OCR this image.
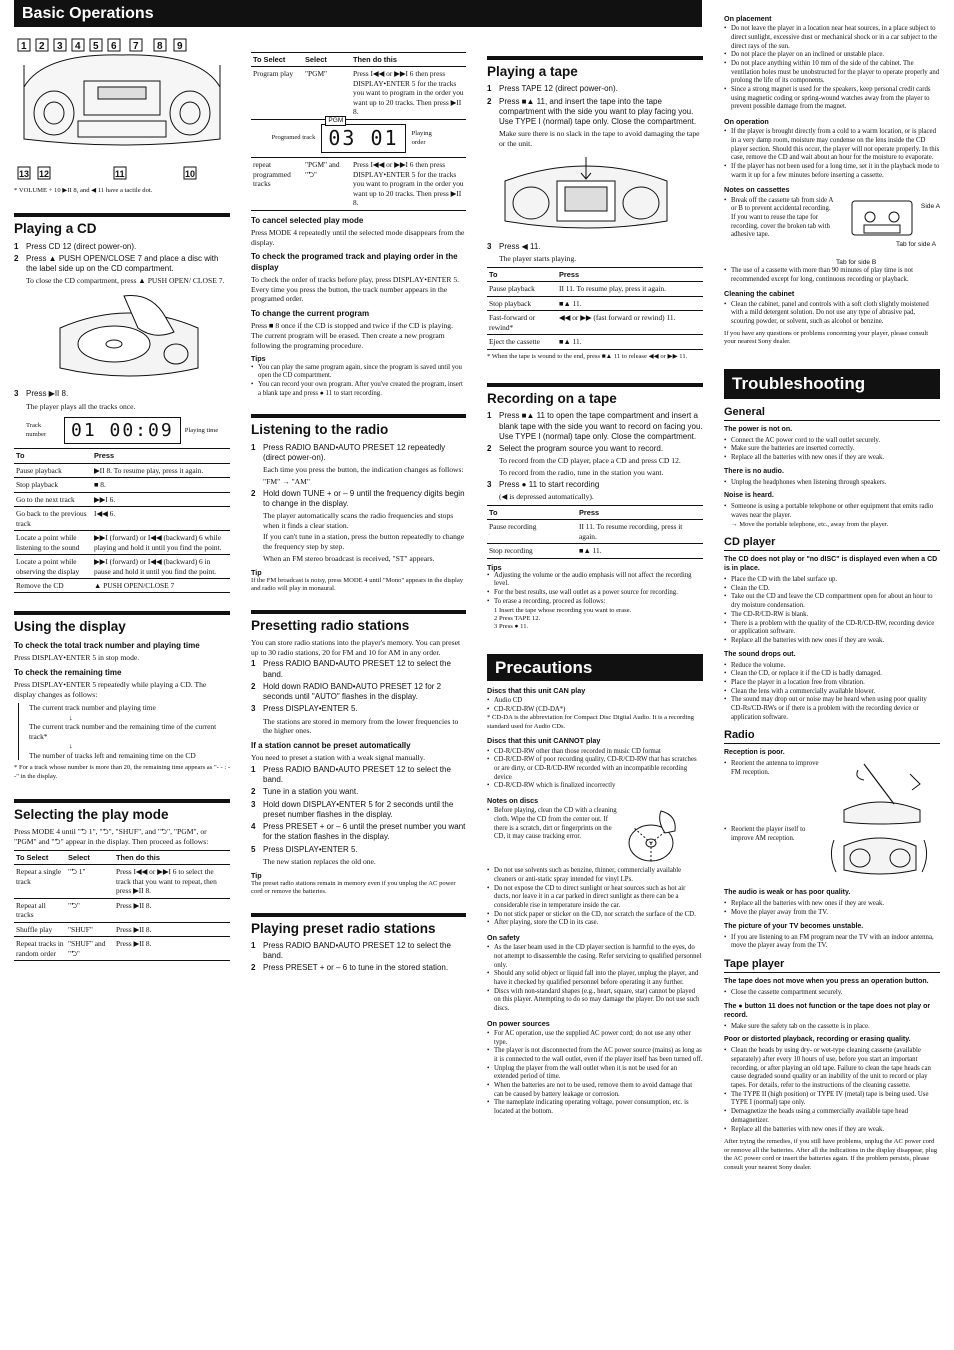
Basic Operations
1 2 3 4 5 6 7 8 9
13 12	11	10
* VOLUME + 10 ▶II 8, and ◀ 11 have a tactile dot.
Playing a CD
1 Press CD 12 (direct power-on).
2 Press ▲ PUSH OPEN/CLOSE 7 and place a disc with the label side up on the CD compartment.
To close the CD compartment, press ▲ PUSH OPEN/ CLOSE 7.
3 Press ▶II 8.
The player plays all the tracks once.
Track number	01 00:09	Playing time
To	Press
Pause playback	▶II 8. To resume play, press it again.
Stop playback	■ 8.
Go to the next track	▶▶I 6.
Go back to the previous track	I◀◀ 6.
Locate a point while listening to the sound	▶▶I (forward) or I◀◀ (backward) 6 while playing and hold it until you find the point.
Locate a point while observing the display	▶▶I (forward) or I◀◀ (backward) 6 in pause and hold it until you find the point.
Remove the CD	▲ PUSH OPEN/CLOSE 7
Using the display
To check the total track number and playing time

Press DISPLAY•ENTER 5 in stop mode.

To check the remaining time

Press DISPLAY•ENTER 5 repeatedly while playing a CD. The display changes as follows:

The current track number and playing time
↓
The current track number and the remaining time of the current track*
↓
The number of tracks left and remaining time on the CD
* For a track whose number is more than 20, the remaining time appears as "- - : - -" in the display.
Selecting the play mode

Press MODE 4 until "⮌ 1", "⮌", "SHUF", and "⮌", "PGM", or "PGM" and "⮌" appear in the display. Then proceed as follows:

To Select	Select	Then do this
Repeat a single track	"⮌ 1"	Press I◀◀ or ▶▶I 6 to select the track that you want to repeat, then press ▶II 8.
Repeat all tracks	"⮌"	Press ▶II 8.
Shuffle play	"SHUF"	Press ▶II 8.
Repeat tracks in random order	"SHUF" and "⮌"	Press ▶II 8.
To Select	Select	Then do this
Program play	"PGM"	Press I◀◀ or ▶▶I 6 then press DISPLAY•ENTER 5 for the tracks you want to program in the order you want up to 20 tracks. Then press ▶II 8.

Programed track
PGM
03 01 Playing order		

repeat programmed tracks	"PGM" and "⮌"	Press I◀◀ or ▶▶I 6 then press DISPLAY•ENTER 5 for the tracks you want to program in the order you want up to 20 tracks. Then press ▶II 8.
To cancel selected play mode

Press MODE 4 repeatedly until the selected mode disappears from the display.

To check the programed track and playing order in the display

To check the order of tracks before play, press DISPLAY•ENTER 5. Every time you press the button, the track number appears in the programed order.

To change the current program

Press ■ 8 once if the CD is stopped and twice if the CD is playing. The current program will be erased. Then create a new program following the programing procedure.

Tips
• You can play the same program again, since the program is saved until you open the CD compartment.
• You can record your own program. After you've created the program, insert a blank tape and press ● 11 to start recording.
Listening to the radio
1 Press RADIO BAND•AUTO PRESET 12 repeatedly (direct power-on).
Each time you press the button, the indication changes as follows:
"FM" → "AM"
2 Hold down TUNE + or – 9 until the frequency digits begin to change in the display.
The player automatically scans the radio frequencies and stops when it finds a clear station.
If you can't tune in a station, press the button repeatedly to change the frequency step by step.
When an FM stereo broadcast is received, "ST" appears.
Tip
If the FM broadcast is noisy, press MODE 4 until "Mono" appears in the display and radio will play in monaural.
Presetting radio stations

You can store radio stations into the player's memory. You can preset up to 30 radio stations, 20 for FM and 10 for AM in any order.

1 Press RADIO BAND•AUTO PRESET 12 to select the band.
2 Hold down RADIO BAND•AUTO PRESET 12 for 2 seconds until "AUTO" flashes in the display.
3 Press DISPLAY•ENTER 5.
The stations are stored in memory from the lower frequencies to the higher ones.
If a station cannot be preset automatically

You need to preset a station with a weak signal manually.

1 Press RADIO BAND•AUTO PRESET 12 to select the band.
2 Tune in a station you want.
3 Hold down DISPLAY•ENTER 5 for 2 seconds until the preset number flashes in the display.
4 Press PRESET + or – 6 until the preset number you want for the station flashes in the display.
5 Press DISPLAY•ENTER 5.
The new station replaces the old one.
Tip
The preset radio stations remain in memory even if you unplug the AC power cord or remove the batteries.
Playing preset radio stations
1 Press RADIO BAND•AUTO PRESET 12 to select the band.
2 Press PRESET + or – 6 to tune in the stored station.
Playing a tape
1 Press TAPE 12 (direct power-on).
2 Press ■▲ 11, and insert the tape into the tape compartment with the side you want to play facing you. Use TYPE I (normal) tape only. Close the compartment.
Make sure there is no slack in the tape to avoid damaging the tape or the unit.
3 Press ◀ 11.
The player starts playing.
To	Press
Pause playback	II 11. To resume play, press it again.
Stop playback	■▲ 11.
Fast-forward or rewind*	◀◀ or ▶▶ (fast forward or rewind) 11.
Eject the cassette	■▲ 11.
* When the tape is wound to the end, press ■▲ 11 to release ◀◀ or ▶▶ 11.
Recording on a tape
1 Press ■▲ 11 to open the tape compartment and insert a blank tape with the side you want to record on facing you. Use TYPE I (normal) tape only. Close the compartment.
2 Select the program source you want to record.
To record from the CD player, place a CD and press CD 12.
To record from the radio, tune in the station you want.
3 Press ● 11 to start recording
(◀ is depressed automatically).
To	Press
Pause recording	II 11. To resume recording, press it again.
Stop recording	■▲ 11.
Tips
• Adjusting the volume or the audio emphasis will not affect the recording level.
• For the best results, use wall outlet as a power source for recording.
• To erase a recording, proceed as follows:
1 Insert the tape whose recording you want to erase.
2 Press TAPE 12.
3 Press ● 11.
Precautions
Discs that this unit CAN play
• Audio CD
• CD-R/CD-RW (CD-DA*)
* CD-DA is the abbreviation for Compact Disc Digital Audio. It is a recording standard used for Audio CDs.
Discs that this unit CANNOT play
• CD-R/CD-RW other than those recorded in music CD format
• CD-R/CD-RW of poor recording quality, CD-R/CD-RW that has scratches or are dirty, or CD-R/CD-RW recorded with an incompatible recording device
• CD-R/CD-RW which is finalized incorrectly
Notes on discs
• Before playing, clean the CD with a cleaning cloth. Wipe the CD from the center out. If there is a scratch, dirt or fingerprints on the CD, it may cause tracking error.
• Do not use solvents such as benzine, thinner, commercially available cleaners or anti-static spray intended for vinyl LPs.
• Do not expose the CD to direct sunlight or heat sources such as hot air ducts, nor leave it in a car parked in direct sunlight as there can be a considerable rise in temperature inside the car.
• Do not stick paper or sticker on the CD, nor scratch the surface of the CD.
• After playing, store the CD in its case.
On safety
• As the laser beam used in the CD player section is harmful to the eyes, do not attempt to disassemble the casing. Refer servicing to qualified personnel only.
• Should any solid object or liquid fall into the player, unplug the player, and have it checked by qualified personnel before operating it any further.
• Discs with non-standard shapes (e.g., heart, square, star) cannot be played on this player. Attempting to do so may damage the player. Do not use such discs.
On power sources
• For AC operation, use the supplied AC power cord; do not use any other type.
• The player is not disconnected from the AC power source (mains) as long as it is connected to the wall outlet, even if the player itself has been turned off.
• Unplug the player from the wall outlet when it is not be used for an extended period of time.
• When the batteries are not to be used, remove them to avoid damage that can be caused by battery leakage or corrosion.
• The nameplate indicating operating voltage, power consumption, etc. is located at the bottom.
On placement
• Do not leave the player in a location near heat sources, in a place subject to direct sunlight, excessive dust or mechanical shock or in a car subject to the direct rays of the sun.
• Do not place the player on an inclined or unstable place.
• Do not place anything within 10 mm of the side of the cabinet. The ventilation holes must be unobstructed for the player to operate properly and prolong the life of its components.
• Since a strong magnet is used for the speakers, keep personal credit cards using magnetic coding or spring-wound watches away from the player to prevent possible damage from the magnet.
On operation
• If the player is brought directly from a cold to a warm location, or is placed in a very damp room, moisture may condense on the lens inside the CD player section. Should this occur, the player will not operate properly. In this case, remove the CD and wait about an hour for the moisture to evaporate.
• If the player has not been used for a long time, set it in the playback mode to warm it up for a few minutes before inserting a cassette.
Notes on cassettes
• Break off the cassette tab from side A or B to prevent accidental recording. If you want to reuse the tape for recording, cover the broken tab with adhesive tape.
Side A
Tab for side A
Tab for side B
• The use of a cassette with more than 90 minutes of play time is not recommended except for long, continuous recording or playback.
Cleaning the cabinet
• Clean the cabinet, panel and controls with a soft cloth slightly moistened with a mild detergent solution. Do not use any type of abrasive pad, scouring powder, or solvent, such as alcohol or benzine.
If you have any questions or problems concerning your player, please consult your nearest Sony dealer.
Troubleshooting
General
The power is not on.
• Connect the AC power cord to the wall outlet securely.
• Make sure the batteries are inserted correctly.
• Replace all the batteries with new ones if they are weak.
There is no audio.
• Unplug the headphones when listening through speakers.
Noise is heard.
• Someone is using a portable telephone or other equipment that emits radio waves near the player.
→ Move the portable telephone, etc., away from the player.
CD player
The CD does not play or "no dISC" is displayed even when a CD is in place.
• Place the CD with the label surface up.
• Clean the CD.
• Take out the CD and leave the CD compartment open for about an hour to dry moisture condensation.
• The CD-R/CD-RW is blank.
• There is a problem with the quality of the CD-R/CD-RW, recording device or application software.
• Replace all the batteries with new ones if they are weak.
The sound drops out.
• Reduce the volume.
• Clean the CD, or replace it if the CD is badly damaged.
• Place the player in a location free from vibration.
• Clean the lens with a commercially available blower.
• The sound may drop out or noise may be heard when using poor quality CD-Rs/CD-RWs or if there is a problem with the recording device or application software.
Radio
Reception is poor.
• Reorient the antenna to improve FM reception.
• Reorient the player itself to improve AM reception.
The audio is weak or has poor quality.
• Replace all the batteries with new ones if they are weak.
• Move the player away from the TV.
The picture of your TV becomes unstable.
• If you are listening to an FM program near the TV with an indoor antenna, move the player away from the TV.
Tape player
The tape does not move when you press an operation button.
• Close the cassette compartment securely.
The ● button 11 does not function or the tape does not play or record.
• Make sure the safety tab on the cassette is in place.
Poor or distorted playback, recording or erasing quality.
• Clean the heads by using dry- or wet-type cleaning cassette (available separately) after every 10 hours of use, before you start an important recording, or after playing an old tape. Failure to clean the tape heads can cause degraded sound quality or an inability of the unit to record or play tapes. For details, refer to the instructions of the cleaning cassette.
• The TYPE II (high position) or TYPE IV (metal) tape is being used. Use TYPE I (normal) tape only.
• Demagnetize the heads using a commercially available tape head demagnetizer.
• Replace all the batteries with new ones if they are weak.
After trying the remedies, if you still have problems, unplug the AC power cord or remove all the batteries. After all the indications in the display disappear, plug the AC power cord or insert the batteries again. If the problem persists, please consult your nearest Sony dealer.
